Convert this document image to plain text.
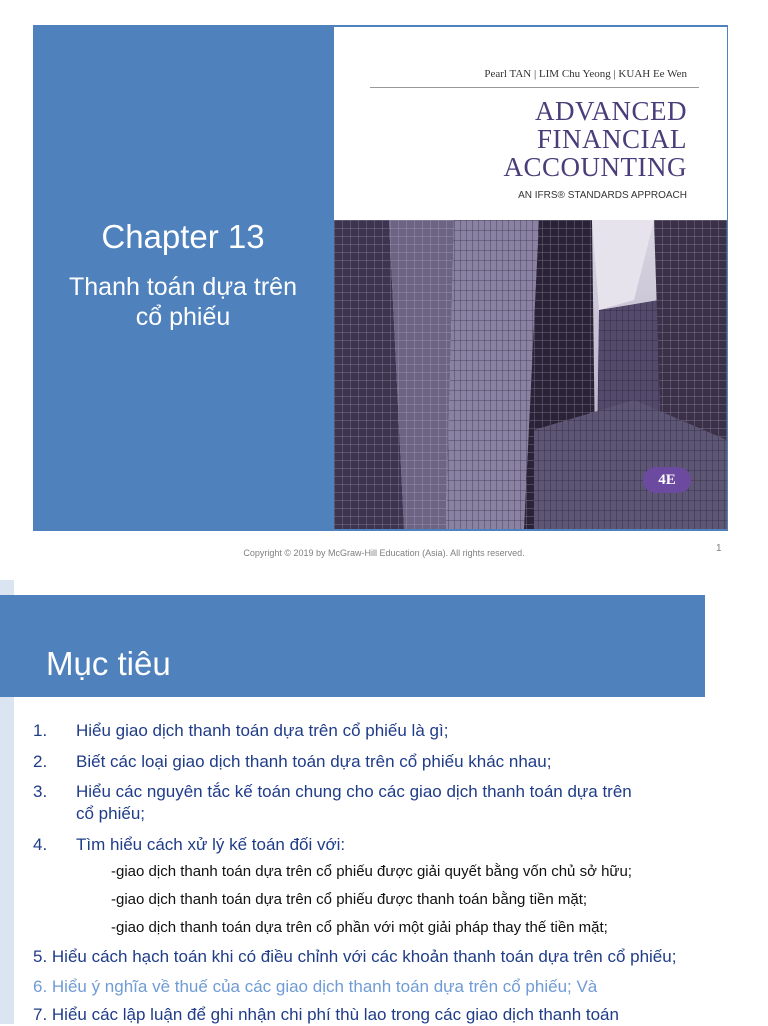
Chapter 13
Thanh toán dựa trên
cổ phiếu
Pearl TAN | LIM Chu Yeong | KUAH Ee Wen
ADVANCED
FINANCIAL
ACCOUNTING
AN IFRS® STANDARDS APPROACH
4E
Copyright © 2019 by McGraw-Hill Education (Asia). All rights reserved.	1
Mục tiêu
1. Hiểu giao dịch thanh toán dựa trên cổ phiếu là gì;
2. Biết các loại giao dịch thanh toán dựa trên cổ phiếu khác nhau;
3. Hiểu các nguyên tắc kế toán chung cho các giao dịch thanh toán dựa trên
cổ phiếu;
4. Tìm hiểu cách xử lý kế toán đối với:
-giao dịch thanh toán dựa trên cổ phiếu được giải quyết bằng vốn chủ sở hữu;
-giao dịch thanh toán dựa trên cổ phiếu được thanh toán bằng tiền mặt;
-giao dịch thanh toán dựa trên cổ phần với một giải pháp thay thế tiền mặt;
5. Hiểu cách hạch toán khi có điều chỉnh với các khoản thanh toán dựa trên cổ phiếu;
6. Hiểu ý nghĩa về thuế của các giao dịch thanh toán dựa trên cổ phiếu; Và
7. Hiểu các lập luận để ghi nhận chi phí thù lao trong các giao dịch thanh toán
